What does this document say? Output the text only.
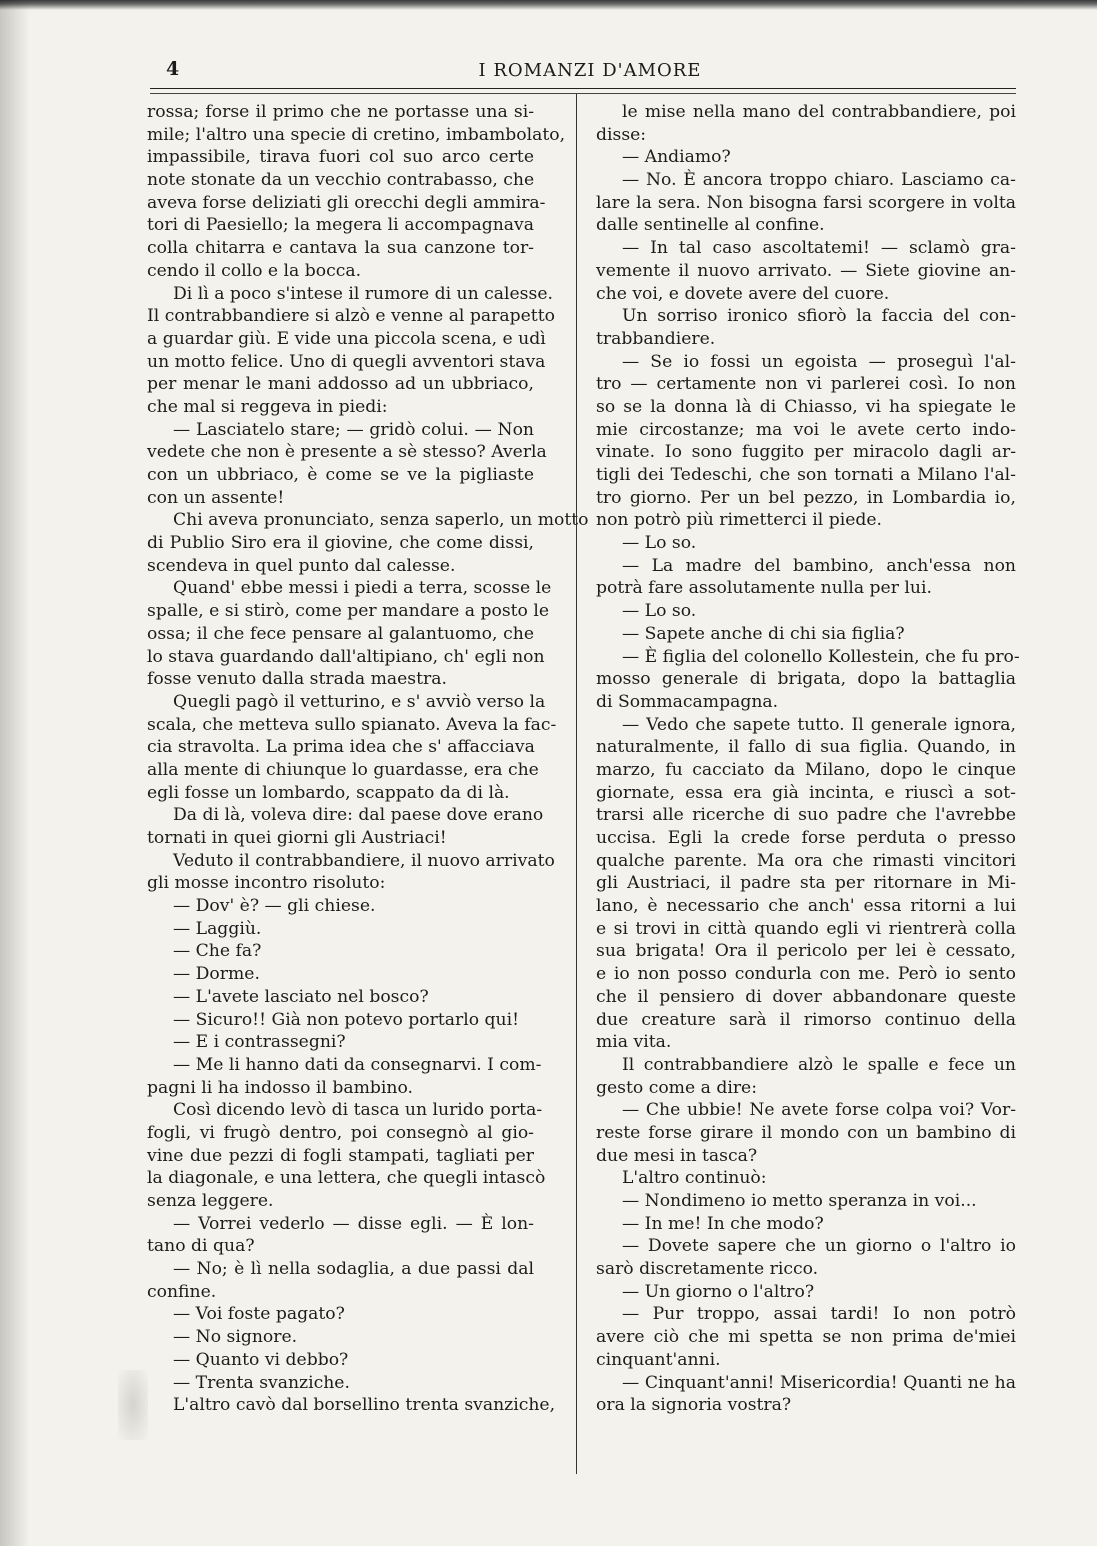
4	I ROMANZI D'AMORE
rossa; forse il primo che ne portasse una si-
mile; l'altro una specie di cretino, imbambolato,
impassibile, tirava fuori col suo arco certe
note stonate da un vecchio contrabasso, che
aveva forse deliziati gli orecchi degli ammira-
tori di Paesiello; la megera li accompagnava
colla chitarra e cantava la sua canzone tor-
cendo il collo e la bocca.
Di lì a poco s'intese il rumore di un calesse.
Il contrabbandiere si alzò e venne al parapetto
a guardar giù. E vide una piccola scena, e udì
un motto felice. Uno di quegli avventori stava
per menar le mani addosso ad un ubbriaco,
che mal si reggeva in piedi:
— Lasciatelo stare; — gridò colui. — Non
vedete che non è presente a sè stesso? Averla
con un ubbriaco, è come se ve la pigliaste
con un assente!
Chi aveva pronunciato, senza saperlo, un motto
di Publio Siro era il giovine, che come dissi,
scendeva in quel punto dal calesse.
Quand' ebbe messi i piedi a terra, scosse le
spalle, e si stirò, come per mandare a posto le
ossa; il che fece pensare al galantuomo, che
lo stava guardando dall'altipiano, ch' egli non
fosse venuto dalla strada maestra.
Quegli pagò il vetturino, e s' avviò verso la
scala, che metteva sullo spianato. Aveva la fac-
cia stravolta. La prima idea che s' affacciava
alla mente di chiunque lo guardasse, era che
egli fosse un lombardo, scappato da di là.
Da di là, voleva dire: dal paese dove erano
tornati in quei giorni gli Austriaci!
Veduto il contrabbandiere, il nuovo arrivato
gli mosse incontro risoluto:
— Dov' è? — gli chiese.
— Laggiù.
— Che fa?
— Dorme.
— L'avete lasciato nel bosco?
— Sicuro!! Già non potevo portarlo qui!
— E i contrassegni?
— Me li hanno dati da consegnarvi. I com-
pagni li ha indosso il bambino.
Così dicendo levò di tasca un lurido porta-
fogli, vi frugò dentro, poi consegnò al gio-
vine due pezzi di fogli stampati, tagliati per
la diagonale, e una lettera, che quegli intascò
senza leggere.
— Vorrei vederlo — disse egli. — È lon-
tano di qua?
— No; è lì nella sodaglia, a due passi dal
confine.
— Voi foste pagato?
— No signore.
— Quanto vi debbo?
— Trenta svanziche.
L'altro cavò dal borsellino trenta svanziche,
le mise nella mano del contrabbandiere, poi
disse:
— Andiamo?
— No. È ancora troppo chiaro. Lasciamo ca-
lare la sera. Non bisogna farsi scorgere in volta
dalle sentinelle al confine.
— In tal caso ascoltatemi! — sclamò gra-
vemente il nuovo arrivato. — Siete giovine an-
che voi, e dovete avere del cuore.
Un sorriso ironico sfiorò la faccia del con-
trabbandiere.
— Se io fossi un egoista — proseguì l'al-
tro — certamente non vi parlerei così. Io non
so se la donna là di Chiasso, vi ha spiegate le
mie circostanze; ma voi le avete certo indo-
vinate. Io sono fuggito per miracolo dagli ar-
tigli dei Tedeschi, che son tornati a Milano l'al-
tro giorno. Per un bel pezzo, in Lombardia io,
non potrò più rimetterci il piede.
— Lo so.
— La madre del bambino, anch'essa non
potrà fare assolutamente nulla per lui.
— Lo so.
— Sapete anche di chi sia figlia?
— È figlia del colonello Kollestein, che fu pro-
mosso generale di brigata, dopo la battaglia
di Sommacampagna.
— Vedo che sapete tutto. Il generale ignora,
naturalmente, il fallo di sua figlia. Quando, in
marzo, fu cacciato da Milano, dopo le cinque
giornate, essa era già incinta, e riuscì a sot-
trarsi alle ricerche di suo padre che l'avrebbe
uccisa. Egli la crede forse perduta o presso
qualche parente. Ma ora che rimasti vincitori
gli Austriaci, il padre sta per ritornare in Mi-
lano, è necessario che anch' essa ritorni a lui
e si trovi in città quando egli vi rientrerà colla
sua brigata! Ora il pericolo per lei è cessato,
e io non posso condurla con me. Però io sento
che il pensiero di dover abbandonare queste
due creature sarà il rimorso continuo della
mia vita.
Il contrabbandiere alzò le spalle e fece un
gesto come a dire:
— Che ubbie! Ne avete forse colpa voi? Vor-
reste forse girare il mondo con un bambino di
due mesi in tasca?
L'altro continuò:
— Nondimeno io metto speranza in voi...
— In me! In che modo?
— Dovete sapere che un giorno o l'altro io
sarò discretamente ricco.
— Un giorno o l'altro?
— Pur troppo, assai tardi! Io non potrò
avere ciò che mi spetta se non prima de'miei
cinquant'anni.
— Cinquant'anni! Misericordia! Quanti ne ha
ora la signoria vostra?
